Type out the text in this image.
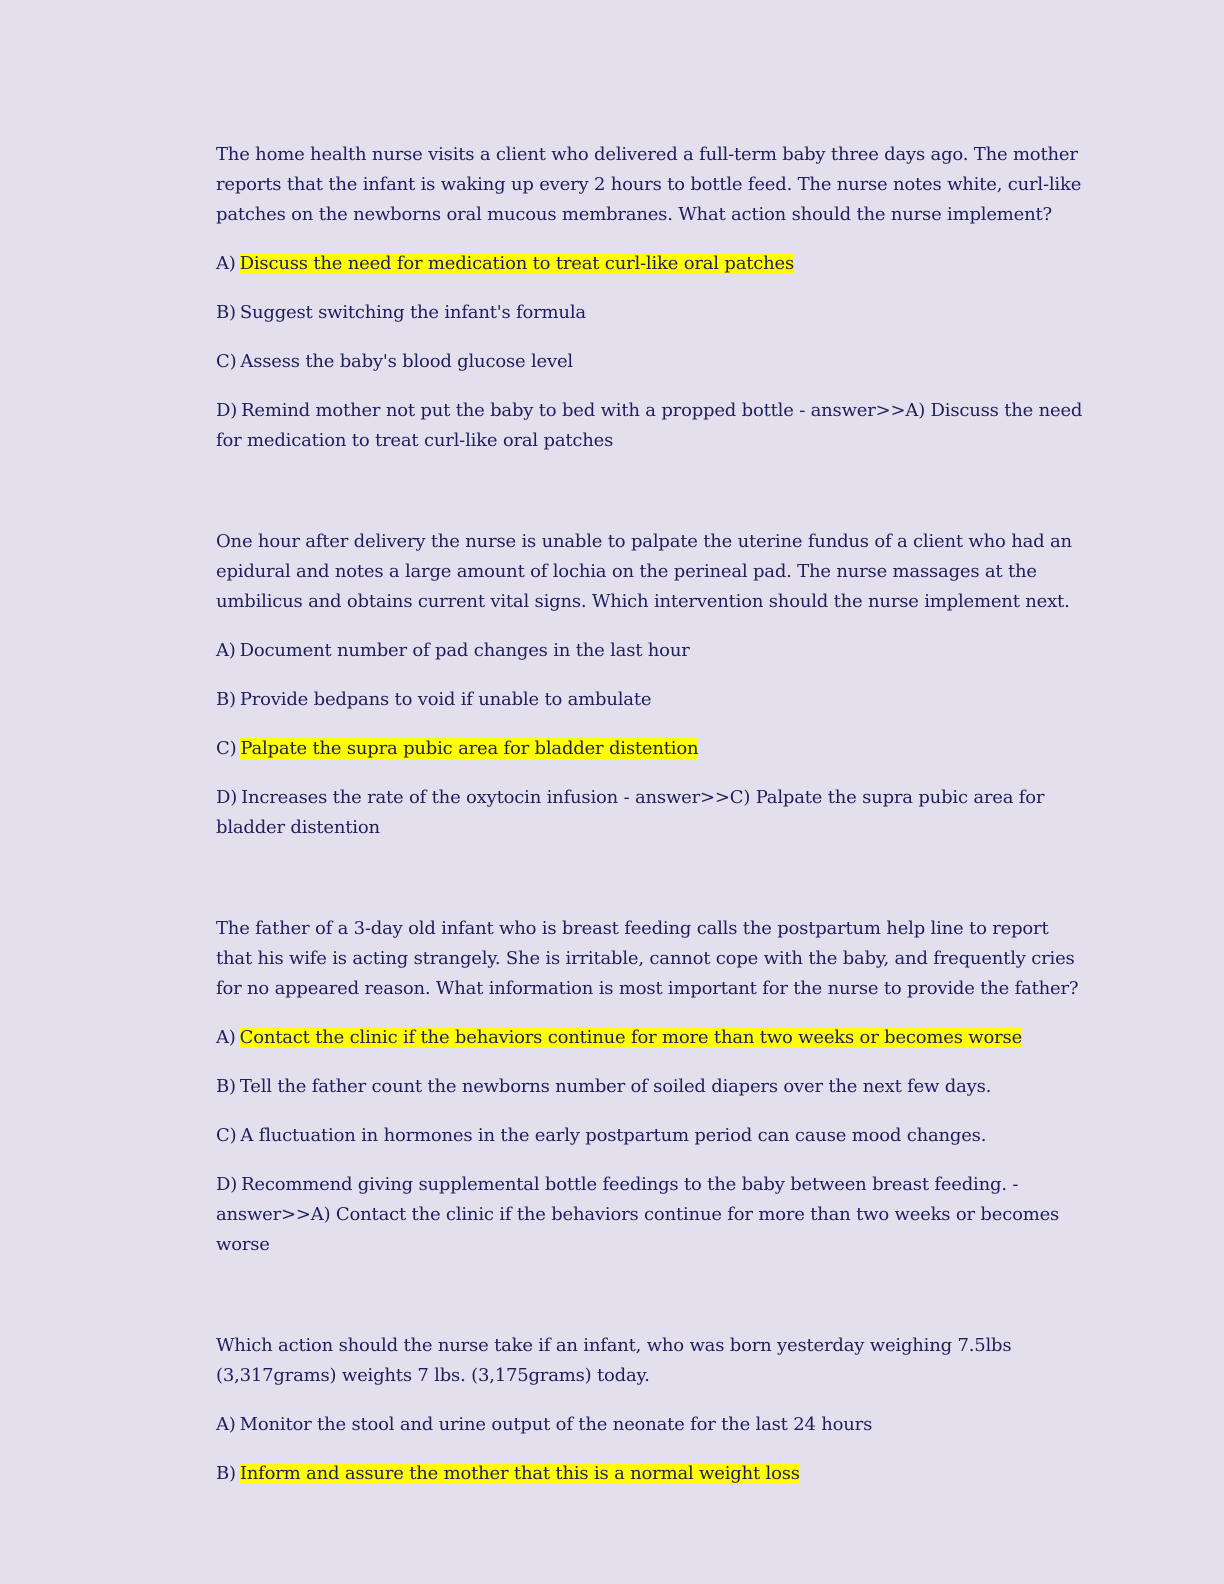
The home health nurse visits a client who delivered a full-term baby three days ago. The mother reports that the infant is waking up every 2 hours to bottle feed. The nurse notes white, curl-like patches on the newborns oral mucous membranes. What action should the nurse implement?
A) Discuss the need for medication to treat curl-like oral patches
B) Suggest switching the infant's formula
C) Assess the baby's blood glucose level
D) Remind mother not put the baby to bed with a propped bottle - answer>>A) Discuss the need for medication to treat curl-like oral patches
One hour after delivery the nurse is unable to palpate the uterine fundus of a client who had an epidural and notes a large amount of lochia on the perineal pad. The nurse massages at the umbilicus and obtains current vital signs. Which intervention should the nurse implement next.
A) Document number of pad changes in the last hour
B) Provide bedpans to void if unable to ambulate
C) Palpate the supra pubic area for bladder distention
D) Increases the rate of the oxytocin infusion - answer>>C) Palpate the supra pubic area for bladder distention
The father of a 3-day old infant who is breast feeding calls the postpartum help line to report that his wife is acting strangely. She is irritable, cannot cope with the baby, and frequently cries for no appeared reason. What information is most important for the nurse to provide the father?
A) Contact the clinic if the behaviors continue for more than two weeks or becomes worse
B) Tell the father count the newborns number of soiled diapers over the next few days.
C) A fluctuation in hormones in the early postpartum period can cause mood changes.
D) Recommend giving supplemental bottle feedings to the baby between breast feeding. - answer>>A) Contact the clinic if the behaviors continue for more than two weeks or becomes worse
Which action should the nurse take if an infant, who was born yesterday weighing 7.5lbs (3,317grams) weights 7 lbs. (3,175grams) today.
A) Monitor the stool and urine output of the neonate for the last 24 hours
B) Inform and assure the mother that this is a normal weight loss
